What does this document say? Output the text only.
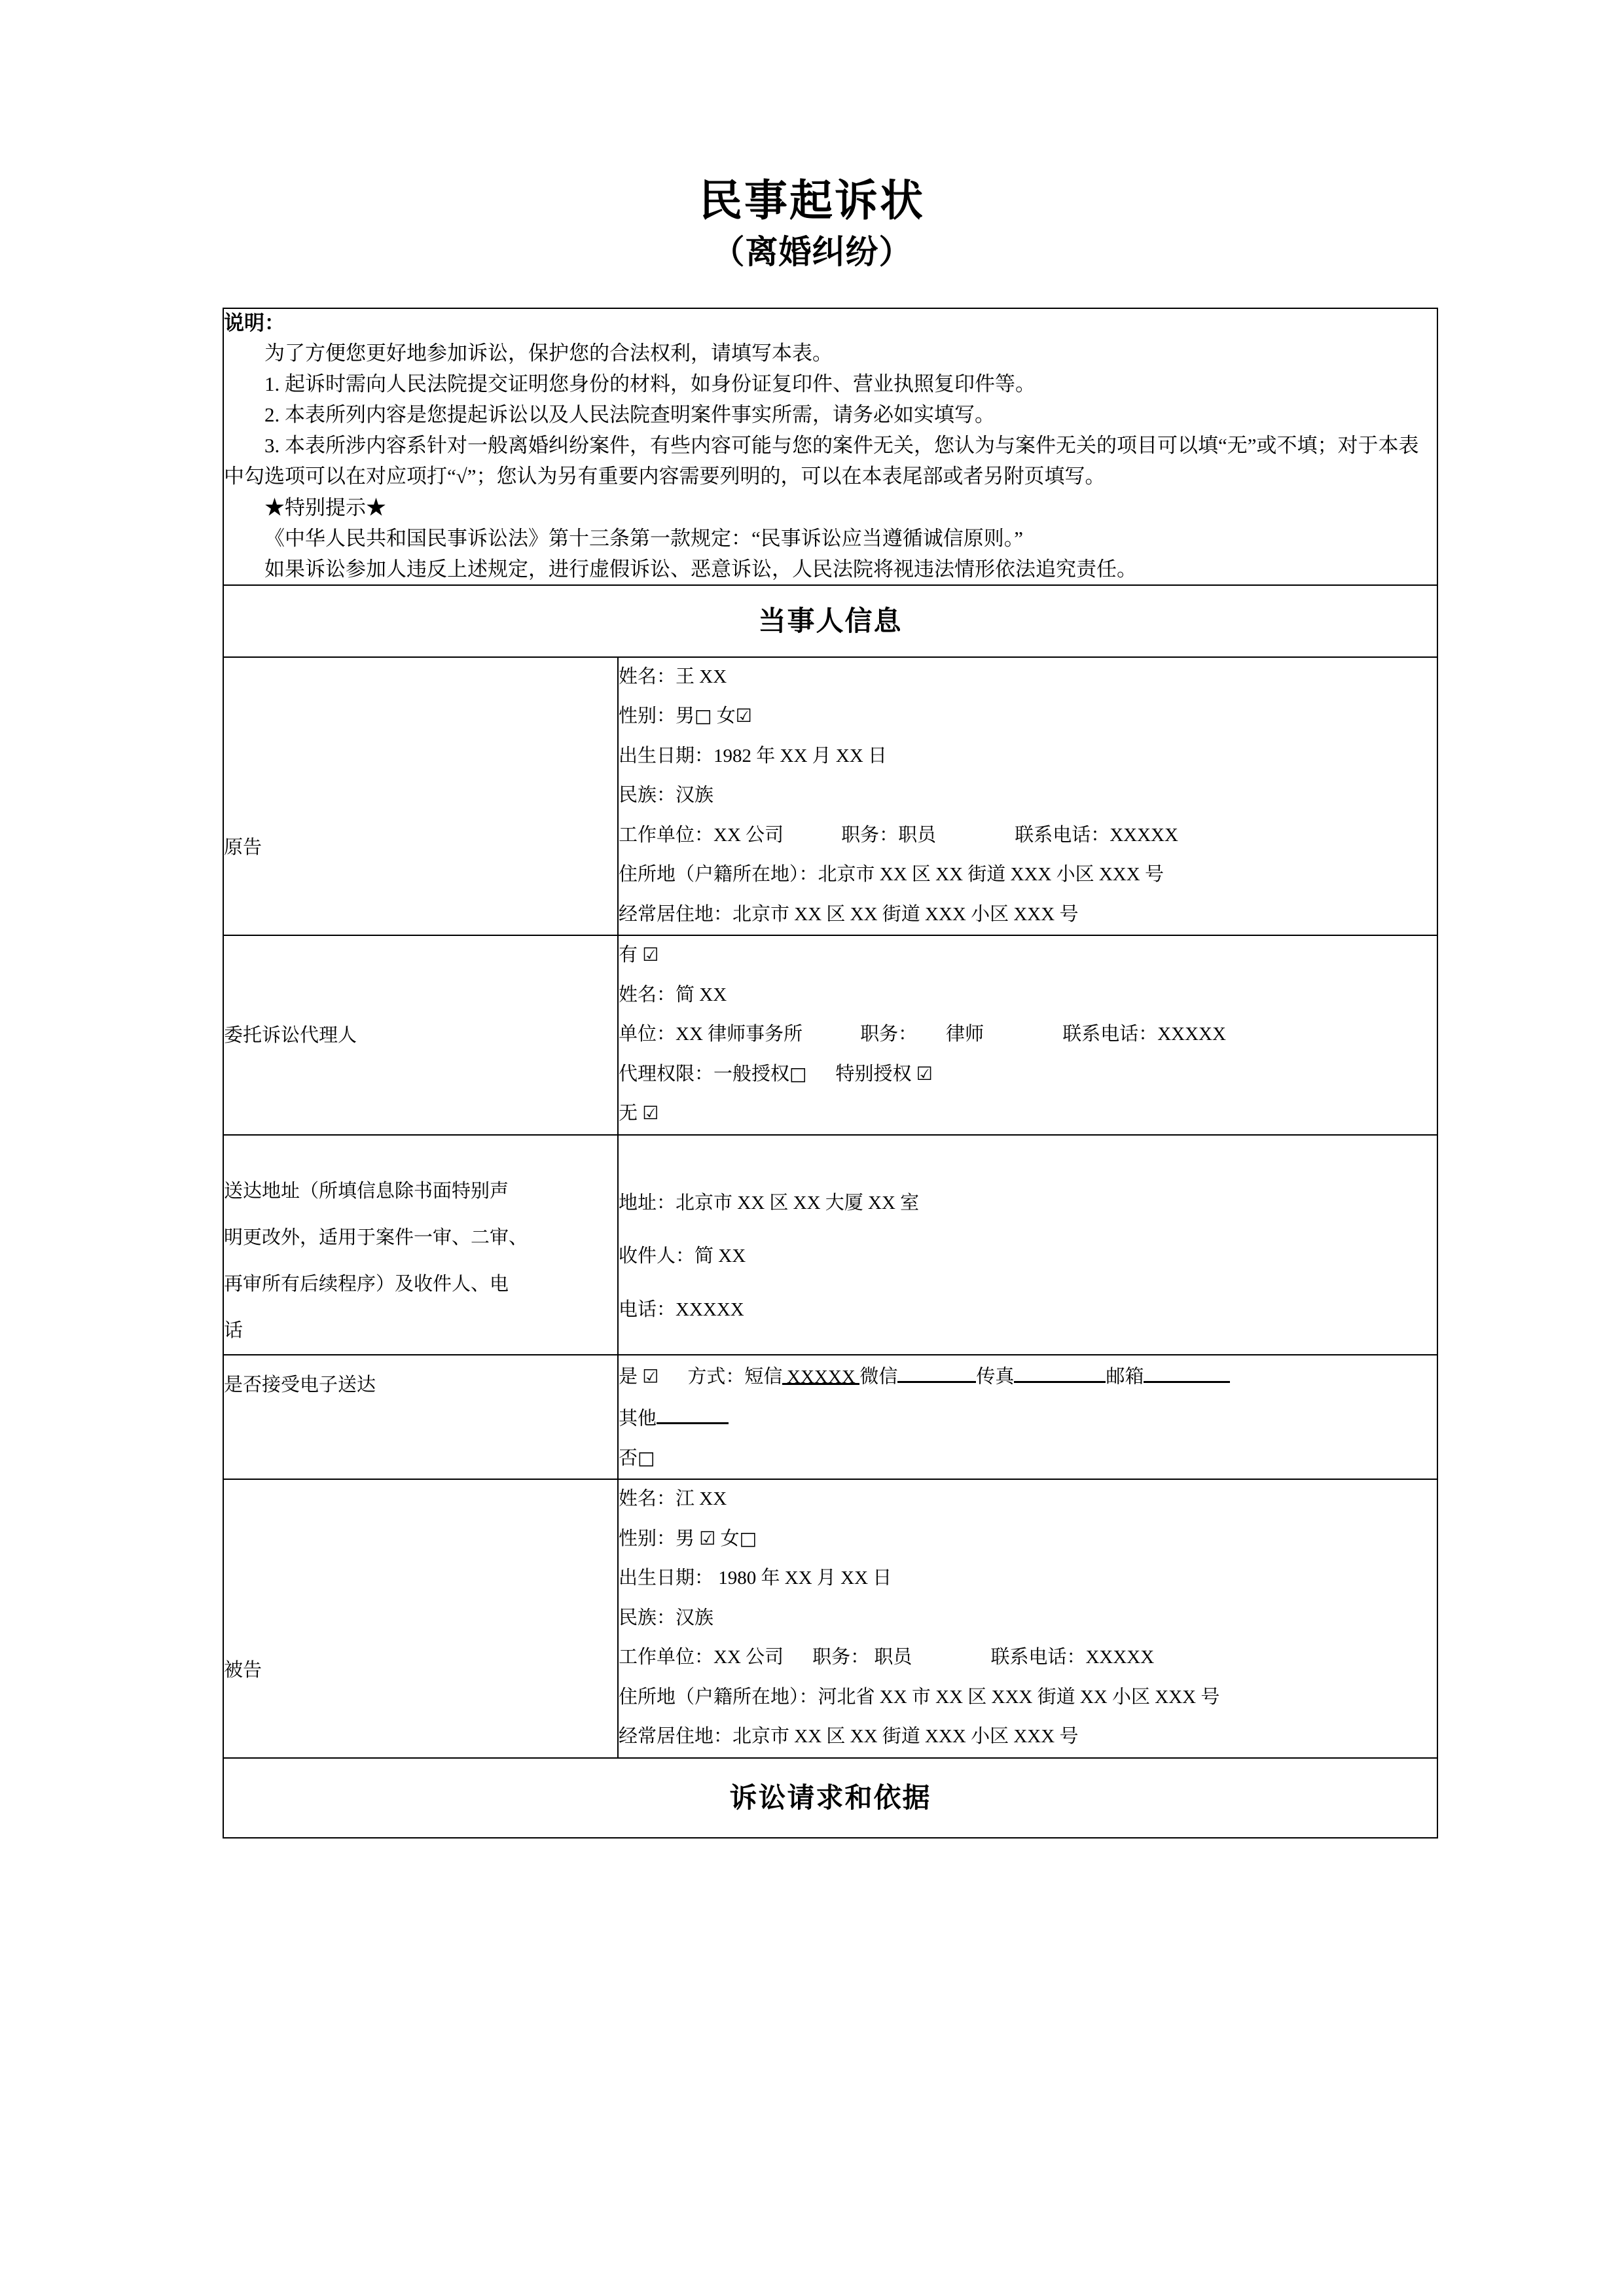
民事起诉状
（离婚纠纷）
说明：

为了方便您更好地参加诉讼，保护您的合法权利，请填写本表。

1. 起诉时需向人民法院提交证明您身份的材料，如身份证复印件、营业执照复印件等。

2. 本表所列内容是您提起诉讼以及人民法院查明案件事实所需，请务必如实填写。

3. 本表所涉内容系针对一般离婚纠纷案件，有些内容可能与您的案件无关，您认为与案件无关的项目可以填“无”或不填；对于本表中勾选项可以在对应项打“√”；您认为另有重要内容需要列明的，可以在本表尾部或者另附页填写。

★特别提示★

《中华人民共和国民事诉讼法》第十三条第一款规定：“民事诉讼应当遵循诚信原则。”

如果诉讼参加人违反上述规定，进行虚假诉讼、恶意诉讼，人民法院将视违法情形依法追究责任。

当事人信息	
原告	
姓名：王 XX
性别：男□ 女☑
出生日期：1982 年 XX 月 XX 日
民族：汉族
工作单位：XX 公司	职务：职员	联系电话：XXXXX
住所地（户籍所在地）：北京市 XX 区 XX 街道 XXX 小区 XXX 号
经常居住地：北京市 XX 区 XX 街道 XXX 小区 XXX 号

委托诉讼代理人	有 ☑
姓名：简 XX
单位：XX 律师事务所 职务： 律师 联系电话：XXXXX
代理权限：一般授权□ 特别授权 ☑
无 ☑

送达地址（所填信息除书面特别声
明更改外，适用于案件一审、二审、
再审所有后续程序）及收件人、电
话

地址：北京市 XX 区 XX 大厦 XX 室
收件人：简 XX
电话：XXXXX

是否接受电子送达	是 ☑ 方式：短信 XXXXX 微信 传真 邮箱
其他
否□

被告	
姓名：江 XX
性别：男 ☑ 女□
出生日期： 1980 年 XX 月 XX 日
民族：汉族
工作单位：XX 公司 职务： 职员	联系电话：XXXXX
住所地（户籍所在地）：河北省 XX 市 XX 区 XXX 街道 XX 小区 XXX 号
经常居住地：北京市 XX 区 XX 街道 XXX 小区 XXX 号

诉讼请求和依据	
